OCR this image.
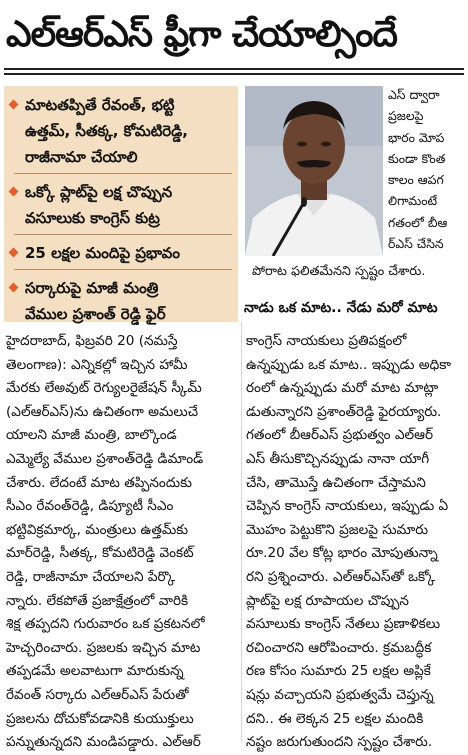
ఎల్ఆర్ఎస్ ఫ్రీగా చేయాల్సిందే
మాటతప్పితే రేవంత్, భట్టి
ఉత్తమ్, సీతక్క, కోమటిరెడ్డి,
రాజీనామా చేయాలి
ఒక్కో ప్లాట్‌పై లక్ష చొప్పున
వసూలుకు కాంగ్రెస్ కుట్ర
25 లక్షల మందిపై ప్రభావం
సర్కారుపై మాజీ మంత్రి
వేముల ప్రశాంత్ రెడ్డి ఫైర్
ఎస్ ద్వారా
ప్రజలపై
భారం మోప
కుండా కొంత
కాలం ఆపగ
లిగామంటే
గతంలో బీఆ
ర్ఎస్ చేసిన
పోరాట ఫలితమేనని స్పష్టం చేశారు.
నాడు ఒక మాట.. నేడు మరో మాట
హైదరాబాద్, ఫిబ్రవరి 20 (నమస్తే
తెలంగాణ): ఎన్నికల్లో ఇచ్చిన హామీ
మేరకు లేఅవుట్ రెగ్యులరైజేషన్ స్కీమ్
(ఎల్ఆర్ఎస్)ను ఉచితంగా అమలుచే
యాలని మాజీ మంత్రి, బాల్కొండ
ఎమ్మెల్యే వేముల ప్రశాంత్‌రెడ్డి డిమాండ్
చేశారు. లేదంటే మాట తప్పినందుకు
సీఎం రేవంత్‌రెడ్డి, డిప్యూటీ సీఎం
భట్టివిక్రమార్క, మంత్రులు ఉత్తమ్‌కు
మార్‌రెడ్డి, సీతక్క, కోమటిరెడ్డి వెంకట్
రెడ్డి, రాజీనామా చేయాలని పేర్కొ
న్నారు. లేకపోతే ప్రజాక్షేత్రంలో వారికి
శిక్ష తప్పదని గురువారం ఒక ప్రకటనలో
హెచ్చరించారు. ప్రజలకు ఇచ్చిన మాట
తప్పడమే అలవాటుగా మారుకున్న
రేవంత్ సర్కారు ఎల్ఆర్ఎస్ పేరుతో
ప్రజలను దోచుకోవడానికి కుయుక్తులు
పన్నుతున్నదని మండిపడ్డారు. ఎల్ఆర్
కాంగ్రెస్ నాయకులు ప్రతిపక్షంలో
ఉన్నప్పుడు ఒక మాట.. ఇప్పుడు అధికా
రంలో ఉన్నప్పుడు మరో మాట మాట్లా
డుతున్నారని ప్రశాంత్‌రెడ్డి ఫైరయ్యారు.
గతంలో బీఆర్ఎస్ ప్రభుత్వం ఎల్ఆర్
ఎస్ తీసుకొచ్చినప్పుడు నానా యాగీ
చేసి, తామొస్తే ఉచితంగా చేస్తామని
చెప్పిన కాంగ్రెస్ నాయకులు, ఇప్పుడు ఏ
మొహం పెట్టుకొని ప్రజలపై సుమారు
రూ.20 వేల కోట్ల భారం మోపుతున్నా
రని ప్రశ్నించారు. ఎల్ఆర్ఎస్‌తో ఒక్కో
ప్లాట్‌పై లక్ష రూపాయల చొప్పున
వసూలుకు కాంగ్రెస్ నేతలు ప్రణాళికలు
రచించారని ఆరోపించారు. క్రమబద్ధీక
రణ కోసం సుమారు 25 లక్షల అప్లికే
షన్లు వచ్చాయని ప్రభుత్వమే చెప్తున్న
దని.. ఈ లెక్కన 25 లక్షల మందికి
నష్టం జరుగుతుందని స్పష్టం చేశారు.
